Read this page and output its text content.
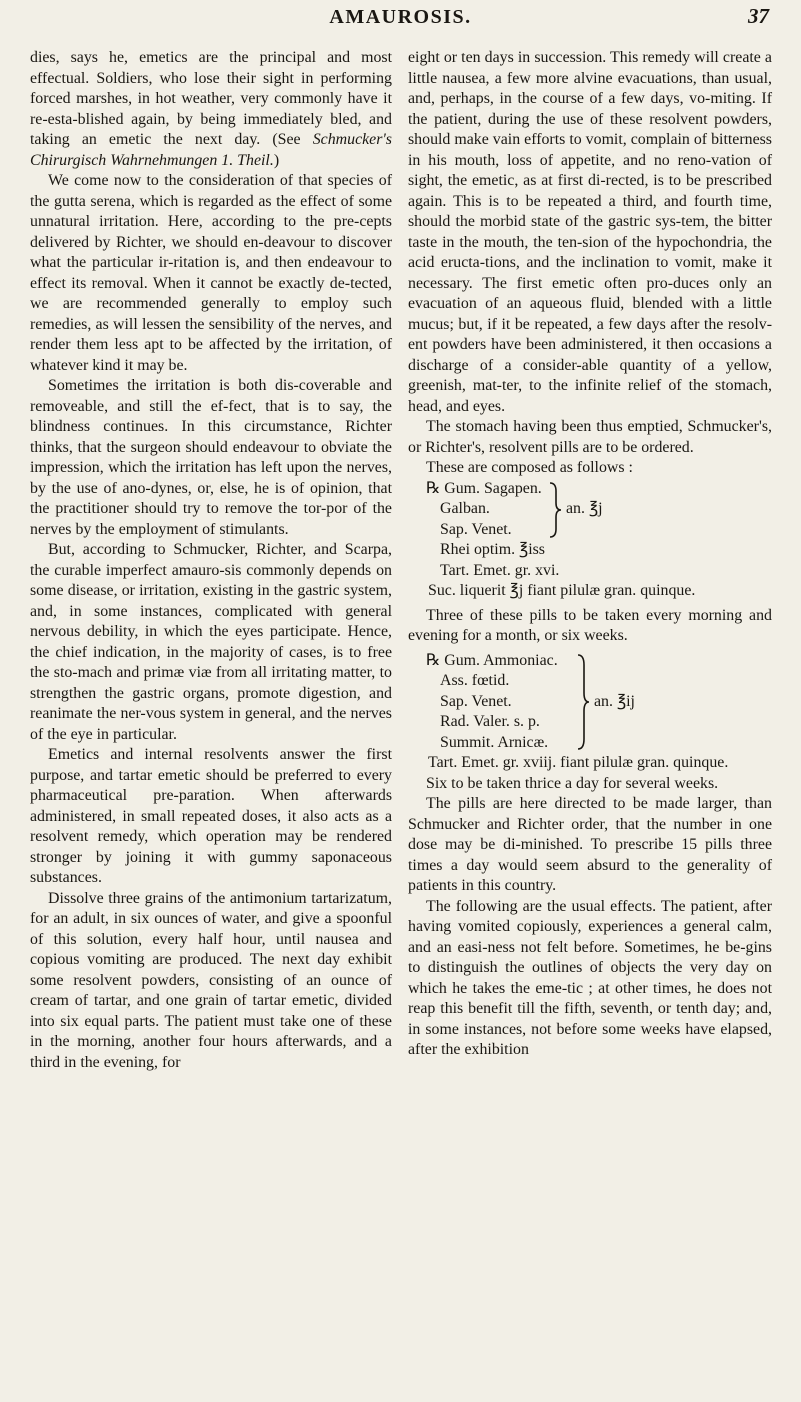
AMAUROSIS.	37

dies, says he, emetics are the principal and most effectual. Soldiers, who lose their sight in performing forced marshes, in hot weather, very commonly have it re-esta-blished again, by being immediately bled, and taking an emetic the next day. (See Schmucker's Chirurgisch Wahrnehmungen 1. Theil.)

We come now to the consideration of that species of the gutta serena, which is regarded as the effect of some unnatural irritation. Here, according to the pre-cepts delivered by Richter, we should en-deavour to discover what the particular ir-ritation is, and then endeavour to effect its removal. When it cannot be exactly de-tected, we are recommended generally to employ such remedies, as will lessen the sensibility of the nerves, and render them less apt to be affected by the irritation, of whatever kind it may be.

Sometimes the irritation is both dis-coverable and removeable, and still the ef-fect, that is to say, the blindness continues. In this circumstance, Richter thinks, that the surgeon should endeavour to obviate the impression, which the irritation has left upon the nerves, by the use of ano-dynes, or, else, he is of opinion, that the practitioner should try to remove the tor-por of the nerves by the employment of stimulants.

But, according to Schmucker, Richter, and Scarpa, the curable imperfect amauro-sis commonly depends on some disease, or irritation, existing in the gastric system, and, in some instances, complicated with general nervous debility, in which the eyes participate. Hence, the chief indication, in the majority of cases, is to free the sto-mach and primæ viæ from all irritating matter, to strengthen the gastric organs, promote digestion, and reanimate the ner-vous system in general, and the nerves of the eye in particular.

Emetics and internal resolvents answer the first purpose, and tartar emetic should be preferred to every pharmaceutical pre-paration. When afterwards administered, in small repeated doses, it also acts as a resolvent remedy, which operation may be rendered stronger by joining it with gummy saponaceous substances.

Dissolve three grains of the antimonium tartarizatum, for an adult, in six ounces of water, and give a spoonful of this solution, every half hour, until nausea and copious vomiting are produced. The next day exhibit some resolvent powders, consisting of an ounce of cream of tartar, and one grain of tartar emetic, divided into six equal parts. The patient must take one of these in the morning, another four hours afterwards, and a third in the evening, for

eight or ten days in succession. This remedy will create a little nausea, a few more alvine evacuations, than usual, and, perhaps, in the course of a few days, vo-miting. If the patient, during the use of these resolvent powders, should make vain efforts to vomit, complain of bitterness in his mouth, loss of appetite, and no reno-vation of sight, the emetic, as at first di-rected, is to be prescribed again. This is to be repeated a third, and fourth time, should the morbid state of the gastric sys-tem, the bitter taste in the mouth, the ten-sion of the hypochondria, the acid eructa-tions, and the inclination to vomit, make it necessary. The first emetic often pro-duces only an evacuation of an aqueous fluid, blended with a little mucus; but, if it be repeated, a few days after the resolv-ent powders have been administered, it then occasions a discharge of a consider-able quantity of a yellow, greenish, mat-ter, to the infinite relief of the stomach, head, and eyes.

The stomach having been thus emptied, Schmucker's, or Richter's, resolvent pills are to be ordered.

These are composed as follows :

℞ Gum. Sagapen.
Galban.
Sap. Venet.
an. ℥j
Rhei optim. ℥iss
Tart. Emet. gr. xvi.

Suc. liquerit ℥j fiant pilulæ gran. quinque.

Three of these pills to be taken every morning and evening for a month, or six weeks.

℞ Gum. Ammoniac.
Ass. fœtid.
Sap. Venet.
Rad. Valer. s. p.
Summit. Arnicæ.
an. ℥ij

Tart. Emet. gr. xviij. fiant pilulæ gran. quinque.

Six to be taken thrice a day for several weeks.

The pills are here directed to be made larger, than Schmucker and Richter order, that the number in one dose may be di-minished. To prescribe 15 pills three times a day would seem absurd to the generality of patients in this country.

The following are the usual effects. The patient, after having vomited copiously, experiences a general calm, and an easi-ness not felt before. Sometimes, he be-gins to distinguish the outlines of objects the very day on which he takes the eme-tic ; at other times, he does not reap this benefit till the fifth, seventh, or tenth day; and, in some instances, not before some weeks have elapsed, after the exhibition
